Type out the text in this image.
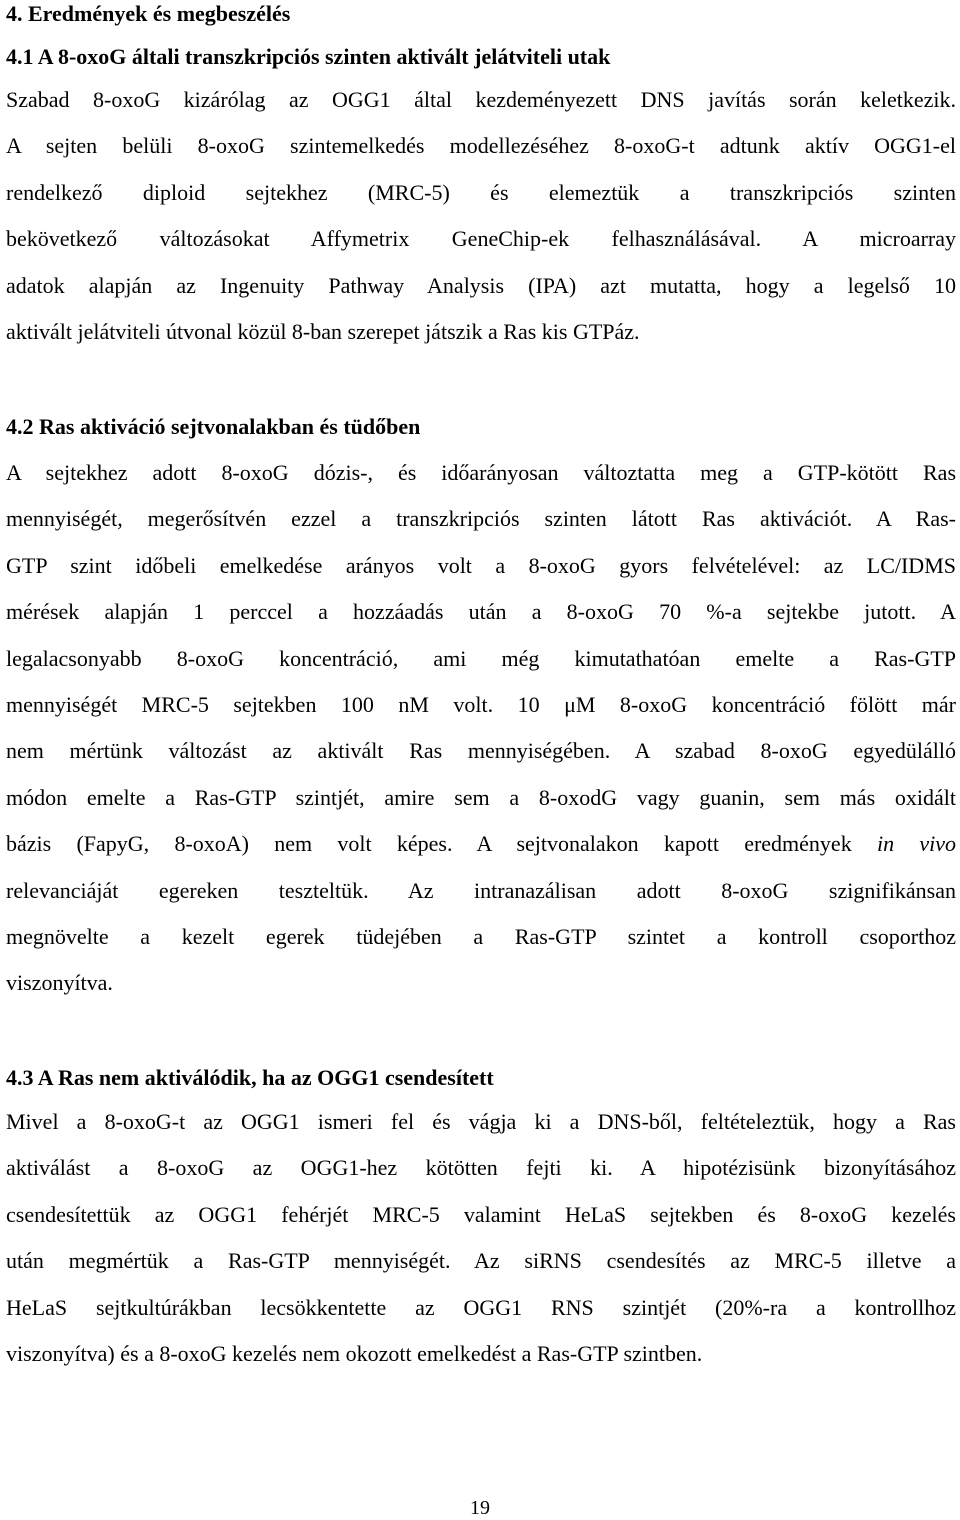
4. Eredmények és megbeszélés
4.1 A 8-oxoG általi transzkripciós szinten aktivált jelátviteli utak
Szabad 8-oxoG kizárólag az OGG1 által kezdeményezett DNS javítás során keletkezik.
A sejten belüli 8-oxoG szintemelkedés modellezéséhez 8-oxoG-t adtunk aktív OGG1-el
rendelkező diploid sejtekhez (MRC-5) és elemeztük a transzkripciós szinten
bekövetkező változásokat Affymetrix GeneChip-ek felhasználásával. A microarray
adatok alapján az Ingenuity Pathway Analysis (IPA) azt mutatta, hogy a legelső 10
aktivált jelátviteli útvonal közül 8-ban szerepet játszik a Ras kis GTPáz.
4.2 Ras aktiváció sejtvonalakban és tüdőben
A sejtekhez adott 8-oxoG dózis-, és időarányosan változtatta meg a GTP-kötött Ras
mennyiségét, megerősítvén ezzel a transzkripciós szinten látott Ras aktivációt. A Ras-
GTP szint időbeli emelkedése arányos volt a 8-oxoG gyors felvételével: az LC/IDMS
mérések alapján 1 perccel a hozzáadás után a 8-oxoG 70 %-a sejtekbe jutott. A
legalacsonyabb 8-oxoG koncentráció, ami még kimutathatóan emelte a Ras-GTP
mennyiségét MRC-5 sejtekben 100 nM volt. 10 μM 8-oxoG koncentráció fölött már
nem mértünk változást az aktivált Ras mennyiségében. A szabad 8-oxoG egyedülálló
módon emelte a Ras-GTP szintjét, amire sem a 8-oxodG vagy guanin, sem más oxidált
bázis (FapyG, 8-oxoA) nem volt képes. A sejtvonalakon kapott eredmények in vivo
relevanciáját egereken teszteltük. Az intranazálisan adott 8-oxoG szignifikánsan
megnövelte a kezelt egerek tüdejében a Ras-GTP szintet a kontroll csoporthoz
viszonyítva.
4.3 A Ras nem aktiválódik, ha az OGG1 csendesített
Mivel a 8-oxoG-t az OGG1 ismeri fel és vágja ki a DNS-ből, feltételeztük, hogy a Ras
aktiválást a 8-oxoG az OGG1-hez kötötten fejti ki. A hipotézisünk bizonyításához
csendesítettük az OGG1 fehérjét MRC-5 valamint HeLaS sejtekben és 8-oxoG kezelés
után megmértük a Ras-GTP mennyiségét. Az siRNS csendesítés az MRC-5 illetve a
HeLaS sejtkultúrákban lecsökkentette az OGG1 RNS szintjét (20%-ra a kontrollhoz
viszonyítva) és a 8-oxoG kezelés nem okozott emelkedést a Ras-GTP szintben.
19
